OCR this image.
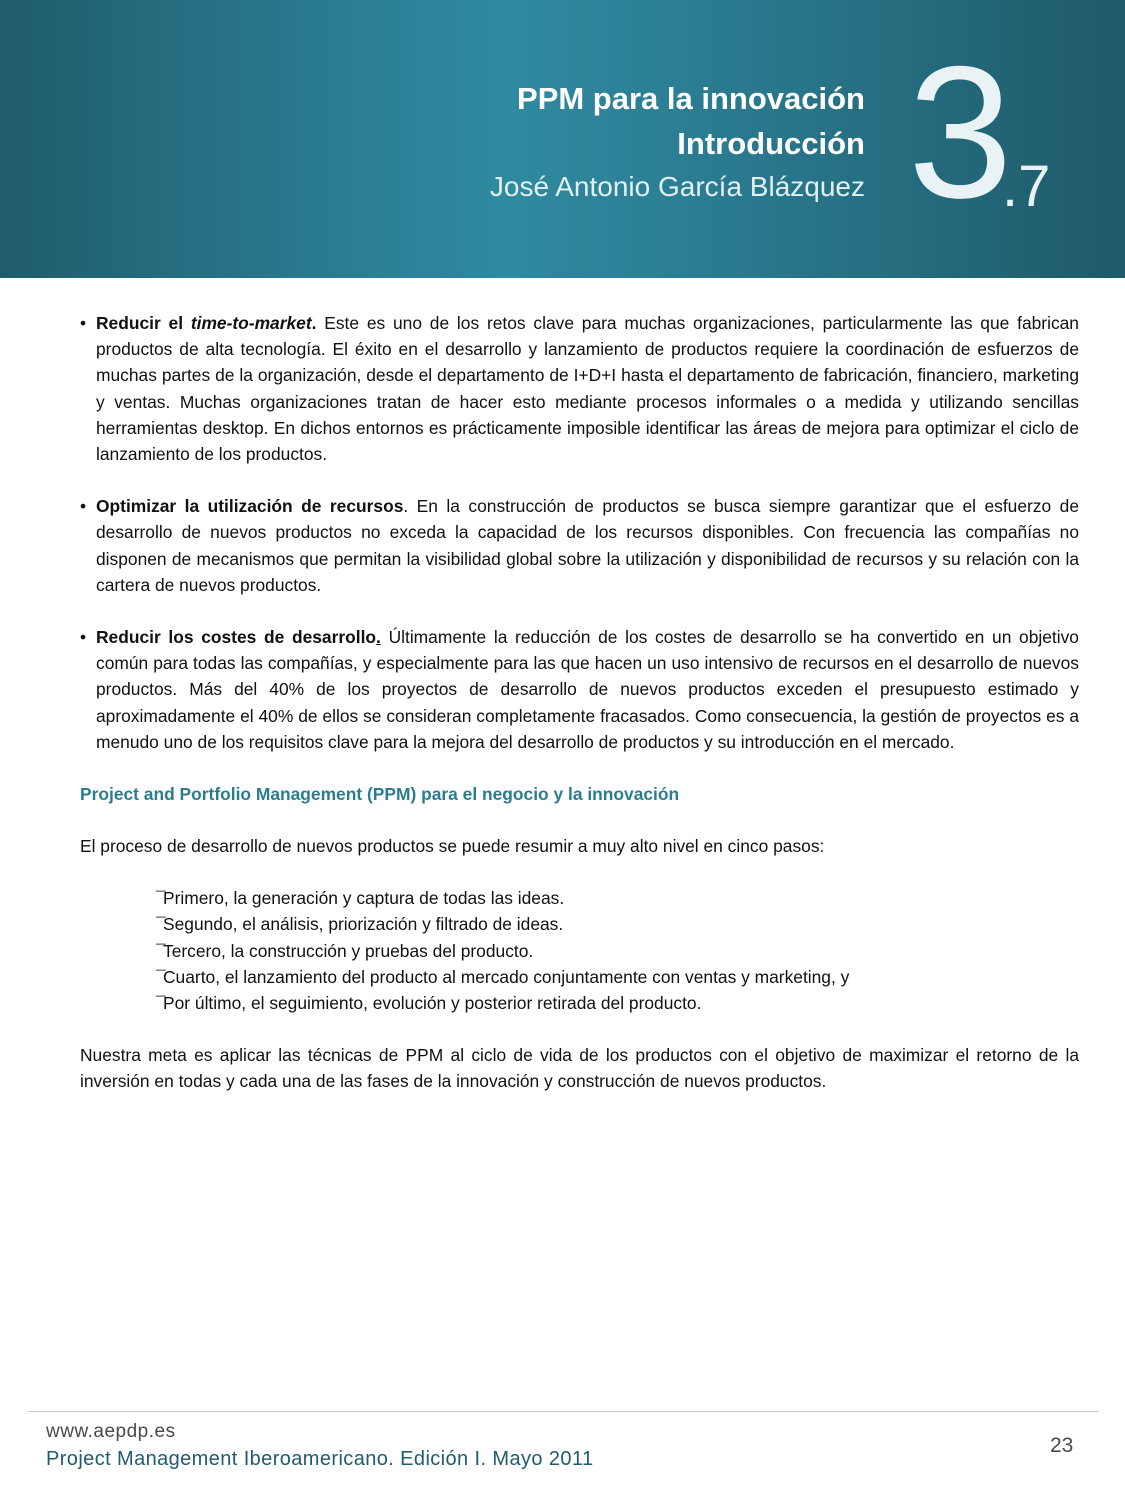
PPM para la innovación
Introducción
José Antonio García Blázquez 3
.7
• Reducir el time-to-market. Este es uno de los retos clave para muchas organizaciones, particularmente las que fabrican productos de alta tecnología. El éxito en el desarrollo y lanzamiento de productos requiere la coordinación de esfuerzos de muchas partes de la organización, desde el departamento de I+D+I hasta el departamento de fabricación, financiero, marketing y ventas. Muchas organizaciones tratan de hacer esto mediante procesos informales o a medida y utilizando sencillas herramientas desktop. En dichos entornos es prácticamente imposible identificar las áreas de mejora para optimizar el ciclo de lanzamiento de los productos.
• Optimizar la utilización de recursos. En la construcción de productos se busca siempre garantizar que el esfuerzo de desarrollo de nuevos productos no exceda la capacidad de los recursos disponibles. Con frecuencia las compañías no disponen de mecanismos que permitan la visibilidad global sobre la utilización y disponibilidad de recursos y su relación con la cartera de nuevos productos.
• Reducir los costes de desarrollo. Últimamente la reducción de los costes de desarrollo se ha convertido en un objetivo común para todas las compañías, y especialmente para las que hacen un uso intensivo de recursos en el desarrollo de nuevos productos. Más del 40% de los proyectos de desarrollo de nuevos productos exceden el presupuesto estimado y aproximadamente el 40% de ellos se consideran completamente fracasados. Como consecuencia, la gestión de proyectos es a menudo uno de los requisitos clave para la mejora del desarrollo de productos y su introducción en el mercado.
Project and Portfolio Management (PPM) para el negocio y la innovación
El proceso de desarrollo de nuevos productos se puede resumir a muy alto nivel en cinco pasos:
¯Primero, la generación y captura de todas las ideas.
¯Segundo, el análisis, priorización y filtrado de ideas.
¯Tercero, la construcción y pruebas del producto.
¯Cuarto, el lanzamiento del producto al mercado conjuntamente con ventas y marketing, y
¯Por último, el seguimiento, evolución y posterior retirada del producto.
Nuestra meta es aplicar las técnicas de PPM al ciclo de vida de los productos con el objetivo de maximizar el retorno de la inversión en todas y cada una de las fases de la innovación y construcción de nuevos productos.
www.aepdp.es
Project Management Iberoamericano. Edición I. Mayo 2011
23
